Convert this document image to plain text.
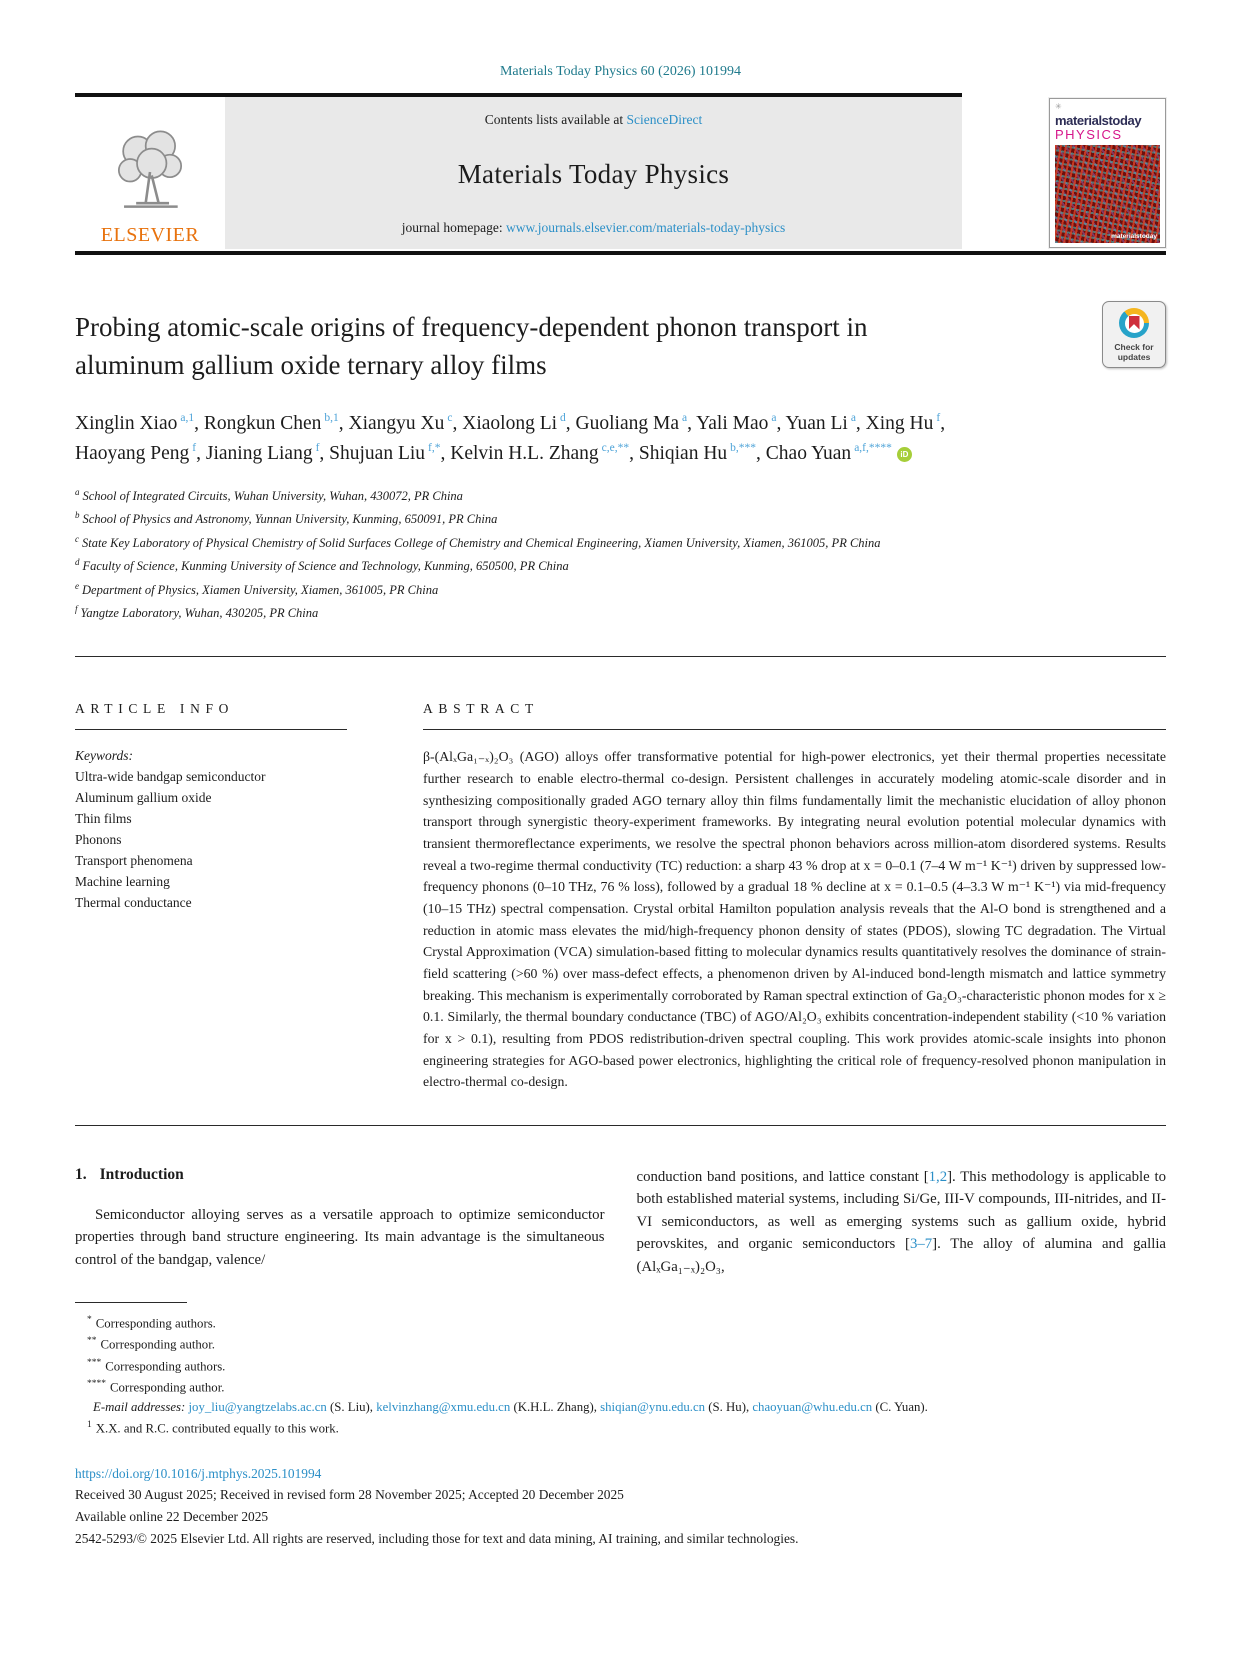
Materials Today Physics 60 (2026) 101994
ELSEVIER
Contents lists available at ScienceDirect
Materials Today Physics
journal homepage: www.journals.elsevier.com/materials-today-physics
✳
materialstoday
PHYSICS
materialstoday
Probing atomic-scale origins of frequency-dependent phonon transport in aluminum gallium oxide ternary alloy films
Check for updates

Xinglin Xiao $^{a,1}$, Rongkun Chen $^{b,1}$, Xiangyu Xu $^c$, Xiaolong Li $^d$, Guoliang Ma $^a$, Yali Mao $^a$, Yuan Li $^a$, Xing Hu $^f$, Haoyang Peng $^f$, Jianing Liang $^f$, Shujuan Liu $^{f,*}$, Kelvin H.L. Zhang $^{c,e,**}$, Shiqian Hu $^{b,***}$, Chao Yuan $^{a,f,****}$ iD

$^a$ School of Integrated Circuits, Wuhan University, Wuhan, 430072, PR China
$^b$ School of Physics and Astronomy, Yunnan University, Kunming, 650091, PR China
$^c$ State Key Laboratory of Physical Chemistry of Solid Surfaces College of Chemistry and Chemical Engineering, Xiamen University, Xiamen, 361005, PR China
$^d$ Faculty of Science, Kunming University of Science and Technology, Kunming, 650500, PR China
$^e$ Department of Physics, Xiamen University, Xiamen, 361005, PR China
$^f$ Yangtze Laboratory, Wuhan, 430205, PR China
ARTICLE INFO
Keywords:
Ultra-wide bandgap semiconductor
Aluminum gallium oxide
Thin films
Phonons
Transport phenomena
Machine learning
Thermal conductance
ABSTRACT

β-(AlₓGa₁₋ₓ)₂O₃ (AGO) alloys offer transformative potential for high-power electronics, yet their thermal properties necessitate further research to enable electro-thermal co-design. Persistent challenges in accurately modeling atomic-scale disorder and in synthesizing compositionally graded AGO ternary alloy thin films fundamentally limit the mechanistic elucidation of alloy phonon transport through synergistic theory-experiment frameworks. By integrating neural evolution potential molecular dynamics with transient thermoreflectance experiments, we resolve the spectral phonon behaviors across million-atom disordered systems. Results reveal a two-regime thermal conductivity (TC) reduction: a sharp 43 % drop at x = 0–0.1 (7–4 W m⁻¹ K⁻¹) driven by suppressed low-frequency phonons (0–10 THz, 76 % loss), followed by a gradual 18 % decline at x = 0.1–0.5 (4–3.3 W m⁻¹ K⁻¹) via mid-frequency (10–15 THz) spectral compensation. Crystal orbital Hamilton population analysis reveals that the Al-O bond is strengthened and a reduction in atomic mass elevates the mid/high-frequency phonon density of states (PDOS), slowing TC degradation. The Virtual Crystal Approximation (VCA) simulation-based fitting to molecular dynamics results quantitatively resolves the dominance of strain-field scattering (>60 %) over mass-defect effects, a phenomenon driven by Al-induced bond-length mismatch and lattice symmetry breaking. This mechanism is experimentally corroborated by Raman spectral extinction of Ga₂O₃-characteristic phonon modes for x ≥ 0.1. Similarly, the thermal boundary conductance (TBC) of AGO/Al₂O₃ exhibits concentration-independent stability (<10 % variation for x > 0.1), resulting from PDOS redistribution-driven spectral coupling. This work provides atomic-scale insights into phonon engineering strategies for AGO-based power electronics, highlighting the critical role of frequency-resolved phonon manipulation in electro-thermal co-design.

1. Introduction

Semiconductor alloying serves as a versatile approach to optimize semiconductor properties through band structure engineering. Its main advantage is the simultaneous control of the bandgap, valence/

conduction band positions, and lattice constant [1,2]. This methodology is applicable to both established material systems, including Si/Ge, III-V compounds, III-nitrides, and II-VI semiconductors, as well as emerging systems such as gallium oxide, hybrid perovskites, and organic semiconductors [3–7]. The alloy of alumina and gallia (AlₓGa₁₋ₓ)₂O₃,

* Corresponding authors.
** Corresponding author.
*** Corresponding authors.
**** Corresponding author.
E-mail addresses: joy_liu@yangtzelabs.ac.cn (S. Liu), kelvinzhang@xmu.edu.cn (K.H.L. Zhang), shiqian@ynu.edu.cn (S. Hu), chaoyuan@whu.edu.cn (C. Yuan).
$^1$ X.X. and R.C. contributed equally to this work.
https://doi.org/10.1016/j.mtphys.2025.101994
Received 30 August 2025; Received in revised form 28 November 2025; Accepted 20 December 2025
Available online 22 December 2025
2542-5293/© 2025 Elsevier Ltd. All rights are reserved, including those for text and data mining, AI training, and similar technologies.
